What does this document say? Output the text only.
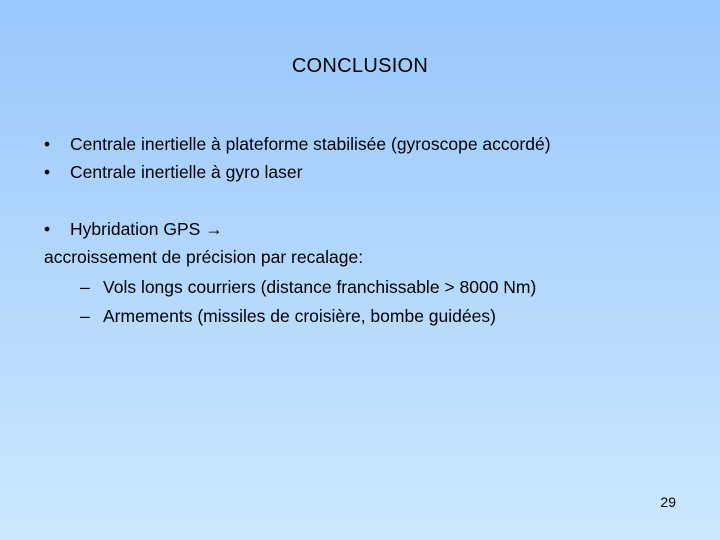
CONCLUSION
• Centrale inertielle à plateforme stabilisée (gyroscope accordé)
• Centrale inertielle à gyro laser
• Hybridation GPS →
accroissement de précision par recalage:
– Vols longs courriers (distance franchissable > 8000 Nm)
– Armements (missiles de croisière, bombe guidées)
29
